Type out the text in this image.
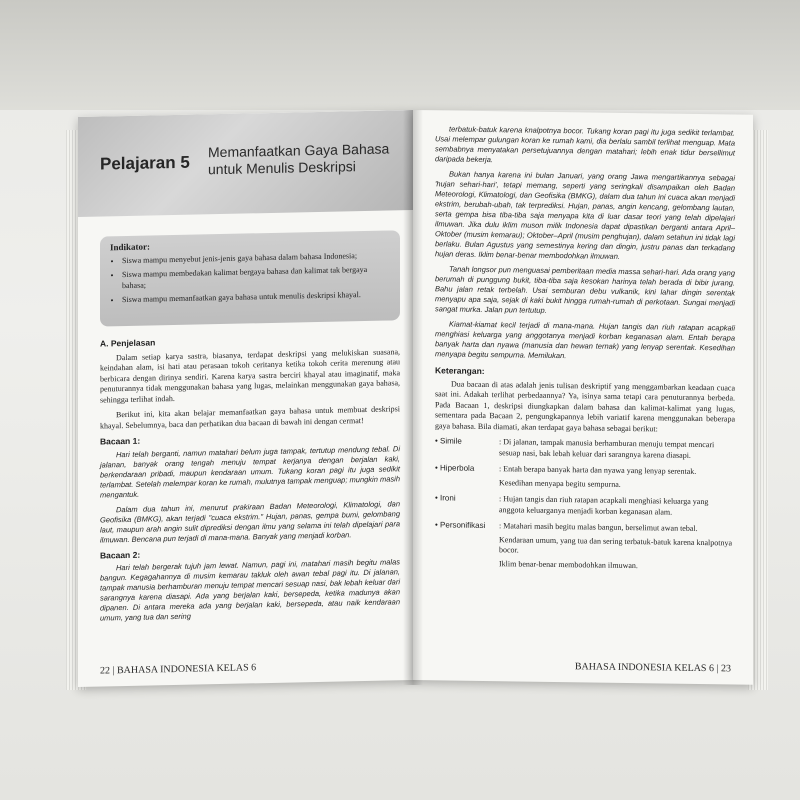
Pelajaran 5
Memanfaatkan Gaya Bahasa untuk Menulis Deskripsi
Indikator:
• Siswa mampu menyebut jenis-jenis gaya bahasa dalam bahasa Indonesia;
• Siswa mampu membedakan kalimat bergaya bahasa dan kalimat tak bergaya bahasa;
• Siswa mampu memanfaatkan gaya bahasa untuk menulis deskripsi khayal.
A. Penjelasan

Dalam setiap karya sastra, biasanya, terdapat deskripsi yang melukiskan suasana, keindahan alam, isi hati atau perasaan tokoh ceritanya ketika tokoh cerita merenung atau berbicara dengan dirinya sendiri. Karena karya sastra berciri khayal atau imaginatif, maka penuturannya tidak menggunakan bahasa yang lugas, melainkan menggunakan gaya bahasa, sehingga terlihat indah.

Berikut ini, kita akan belajar memanfaatkan gaya bahasa untuk membuat deskripsi khayal. Sebelumnya, baca dan perhatikan dua bacaan di bawah ini dengan cermat!

Bacaan 1:

Hari telah berganti, namun matahari belum juga tampak, tertutup mendung tebal. Di jalanan, banyak orang tengah menuju tempat kerjanya dengan berjalan kaki, berkendaraan pribadi, maupun kendaraan umum. Tukang koran pagi itu juga sedikit terlambat. Setelah melempar koran ke rumah, mulutnya tampak menguap; mungkin masih mengantuk.

Dalam dua tahun ini, menurut prakiraan Badan Meteorologi, Klimatologi, dan Geofisika (BMKG), akan terjadi "cuaca ekstrim." Hujan, panas, gempa bumi, gelombang laut, maupun arah angin sulit diprediksi dengan ilmu yang selama ini telah dipelajari para ilmuwan. Bencana pun terjadi di mana-mana. Banyak yang menjadi korban.

Bacaan 2:

Hari telah bergerak tujuh jam lewat. Namun, pagi ini, matahari masih begitu malas bangun. Kegagahannya di musim kemarau takluk oleh awan tebal pagi itu. Di jalanan, tampak manusia berhamburan menuju tempat mencari sesuap nasi, bak lebah keluar dari sarangnya karena diasapi. Ada yang berjalan kaki, bersepeda, ketika madunya akan dipanen. Di antara mereka ada yang berjalan kaki, bersepeda, atau naik kendaraan umum, yang tua dan sering

22 | BAHASA INDONESIA KELAS 6

terbatuk-batuk karena knalpotnya bocor. Tukang koran pagi itu juga sedikit terlambat. Usai melempar gulungan koran ke rumah kami, dia berlalu sambil terlihat menguap. Mata sembabnya menyatakan persetujuannya dengan matahari; lebih enak tidur bersellimut daripada bekerja.

Bukan hanya karena ini bulan Januari, yang orang Jawa mengartikannya sebagai 'hujan sehari-hari', tetapi memang, seperti yang seringkali disampaikan oleh Badan Meteorologi, Klimatologi, dan Geofisika (BMKG), dalam dua tahun ini cuaca akan menjadi ekstrim, berubah-ubah, tak terprediksi. Hujan, panas, angin kencang, gelombang lautan, serta gempa bisa tiba-tiba saja menyapa kita di luar dasar teori yang telah dipelajari ilmuwan. Jika dulu iklim muson milik Indonesia dapat dipastikan berganti antara April–Oktober (musim kemarau); Oktober–April (musim penghujan), dalam setahun ini tidak lagi berlaku. Bulan Agustus yang semestinya kering dan dingin, justru panas dan terkadang hujan deras. Iklim benar-benar membodohkan ilmuwan.

Tanah longsor pun menguasai pemberitaan media massa sehari-hari. Ada orang yang berumah di punggung bukit, tiba-tiba saja kesokan harinya telah berada di bibir jurang. Bahu jalan retak terbelah. Usai semburan debu vulkanik, kini lahar dingin serentak menyapu apa saja, sejak di kaki bukit hingga rumah-rumah di perkotaan. Sungai menjadi sangat murka. Jalan pun tertutup.

Kiamat-kiamat kecil terjadi di mana-mana. Hujan tangis dan riuh ratapan acapkali menghiasi keluarga yang anggotanya menjadi korban keganasan alam. Entah berapa banyak harta dan nyawa (manusia dan hewan ternak) yang lenyap serentak. Kesedihan menyapa begitu sempurna. Memilukan.

Keterangan:

Dua bacaan di atas adalah jenis tulisan deskriptif yang menggambarkan keadaan cuaca saat ini. Adakah terlihat perbedaannya? Ya, isinya sama tetapi cara penuturannya berbeda. Pada Bacaan 1, deskripsi diungkapkan dalam bahasa dan kalimat-kalimat yang lugas, sementara pada Bacaan 2, pengungkapannya lebih variatif karena menggunakan beberapa gaya bahasa. Bila diamati, akan terdapat gaya bahasa sebagai berikut:

• Simile	: Di jalanan, tampak manusia berhamburan menuju tempat mencari sesuap nasi, bak lebah keluar dari sarangnya karena diasapi.
• Hiperbola	: Entah berapa banyak harta dan nyawa yang lenyap serentak.
Kesedihan menyapa begitu sempurna.
• Ironi	: Hujan tangis dan riuh ratapan acapkali menghiasi keluarga yang anggota keluarganya menjadi korban keganasan alam.
• Personifikasi	: Matahari masih begitu malas bangun, berselimut awan tebal.
Kendaraan umum, yang tua dan sering terbatuk-batuk karena knalpotnya bocor.
Iklim benar-benar membodohkan ilmuwan.
BAHASA INDONESIA KELAS 6 | 23
